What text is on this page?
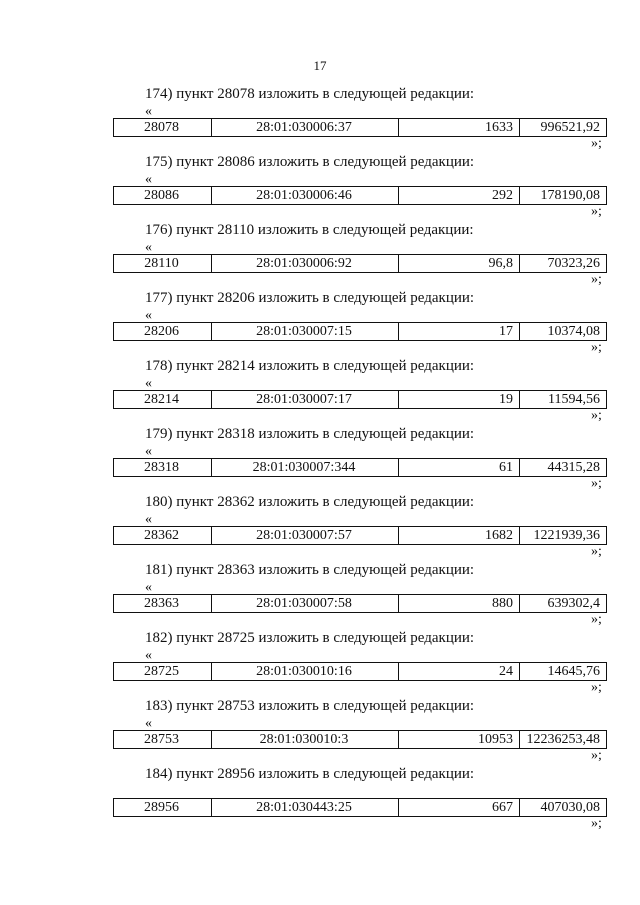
17
174) пункт 28078 изложить в следующей редакции:
«
28078	28:01:030006:37	1633	996521,92
»;
175) пункт 28086 изложить в следующей редакции:
«
28086	28:01:030006:46	292	178190,08
»;
176) пункт 28110 изложить в следующей редакции:
«
28110	28:01:030006:92	96,8	70323,26
»;
177) пункт 28206 изложить в следующей редакции:
«
28206	28:01:030007:15	17	10374,08
»;
178) пункт 28214 изложить в следующей редакции:
«
28214	28:01:030007:17	19	11594,56
»;
179) пункт 28318 изложить в следующей редакции:
«
28318	28:01:030007:344	61	44315,28
»;
180) пункт 28362 изложить в следующей редакции:
«
28362	28:01:030007:57	1682	1221939,36
»;
181) пункт 28363 изложить в следующей редакции:
«
28363	28:01:030007:58	880	639302,4
»;
182) пункт 28725 изложить в следующей редакции:
«
28725	28:01:030010:16	24	14645,76
»;
183) пункт 28753 изложить в следующей редакции:
«
28753	28:01:030010:3	10953	12236253,48
»;
184) пункт 28956 изложить в следующей редакции:
28956	28:01:030443:25	667	407030,08
»;
